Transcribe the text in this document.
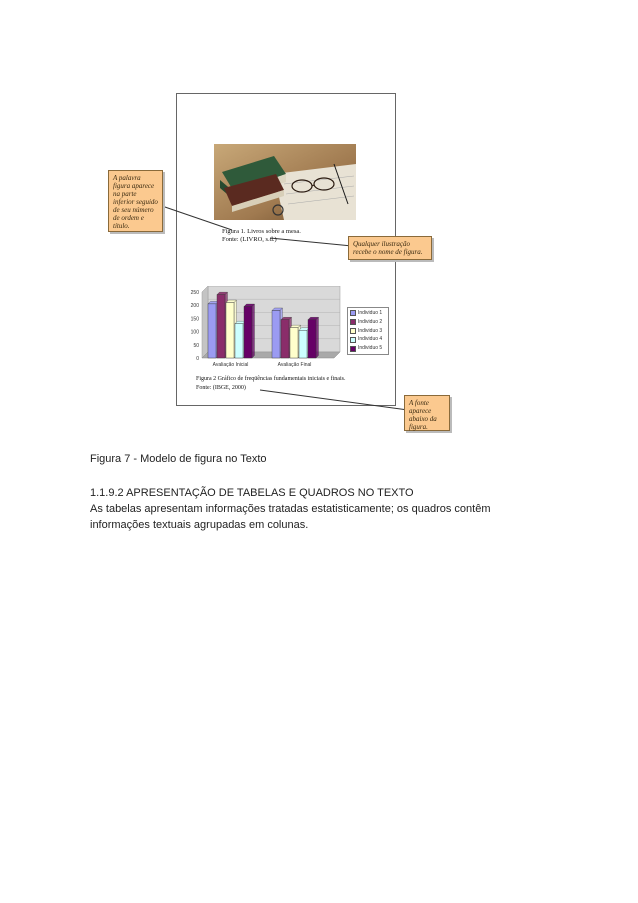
A palavra
figura aparece
na parte
inferior seguido
de seu número
de ordem e
título.
Qualquer ilustração
recebe o nome de figura.
A fonte
aparece
abaixo da
figura.
Figura 1. Livros sobre a mesa.
Fonte: (LIVRO, s.d.)
0
50
100
150
200
250
Avaliação Inicial	Avaliação Final
Individuo 1
Individuo 2
Individuo 3
Individuo 4
Individuo 5
Figura 2 Gráfico de freqüências fundamentais iniciais e finais.
Fonte: (IBGE, 2000)
Figura 7 - Modelo de figura no Texto
1.1.9.2 APRESENTAÇÃO DE TABELAS E QUADROS NO TEXTO
As tabelas apresentam informações tratadas estatisticamente; os quadros contêm
informações textuais agrupadas em colunas.
